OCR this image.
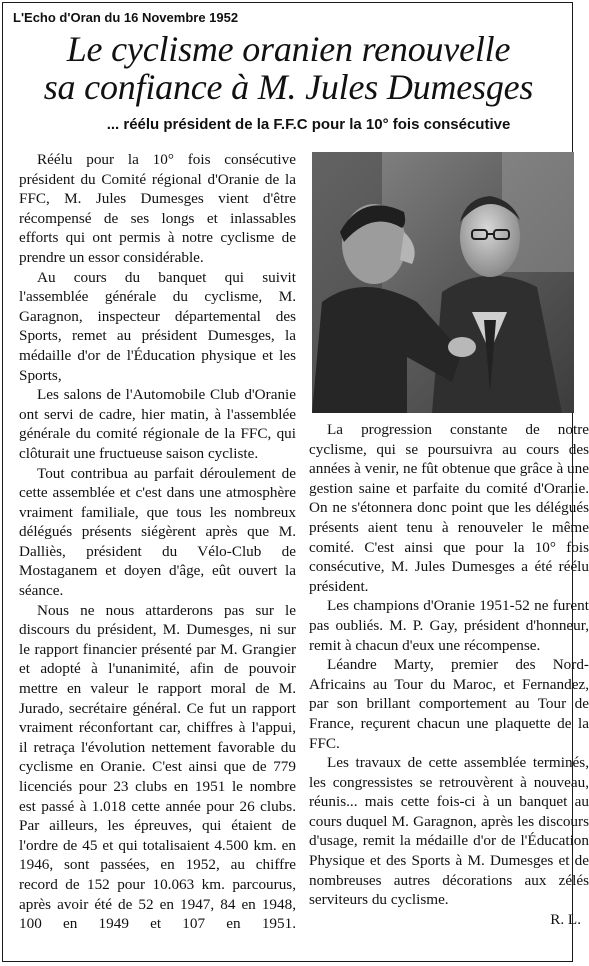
L'Echo d'Oran du 16 Novembre 1952
Le cyclisme oranien renouvelle
sa confiance à M. Jules Dumesges
... réélu président de la F.F.C pour la 10° fois consécutive

Réélu pour la 10° fois consécutive président du Comité régional d'Oranie de la FFC, M. Jules Dumesges vient d'être récompensé de ses longs et inlassables efforts qui ont permis à notre cyclisme de prendre un essor considérable.

Au cours du banquet qui suivit l'assemblée générale du cyclisme, M. Garagnon, inspecteur départemental des Sports, remet au président Dumesges, la médaille d'or de l'Éducation physique et les Sports,

Les salons de l'Automobile Club d'Oranie ont servi de cadre, hier matin, à l'assemblée générale du comité régionale de la FFC, qui clôturait une fructueuse saison cycliste.

Tout contribua au parfait déroulement de cette assemblée et c'est dans une atmosphère vraiment familiale, que tous les nombreux délégués présents siégèrent après que M. Dalliès, président du Vélo-Club de Mostaganem et doyen d'âge, eût ouvert la séance.

Nous ne nous attarderons pas sur le discours du président, M. Dumesges, ni sur le rapport financier présenté par M. Grangier et adopté à l'unanimité, afin de pouvoir mettre en valeur le rapport moral de M. Jurado, secrétaire général. Ce fut un rapport vraiment réconfortant car, chiffres à l'appui, il retraça l'évolution nettement favorable du cyclisme en Oranie. C'est ainsi que de 779 licenciés pour 23 clubs en 1951 le nombre est passé à 1.018 cette année pour 26 clubs. Par ailleurs, les épreuves, qui étaient de l'ordre de 45 et qui totalisaient 4.500 km. en 1946, sont passées, en 1952, au chiffre record de 152 pour 10.063 km. parcourus, après avoir été de 52 en 1947, 84 en 1948, 100 en 1949 et 107 en 1951.

La progression constante de notre cyclisme, qui se poursuivra au cours des années à venir, ne fût obtenue que grâce à une gestion saine et parfaite du comité d'Oranie. On ne s'étonnera donc point que les délégués présents aient tenu à renouveler le même comité. C'est ainsi que pour la 10° fois consécutive, M. Jules Dumesges a été réélu président.

Les champions d'Oranie 1951-52 ne furent pas oubliés. M. P. Gay, président d'honneur, remit à chacun d'eux une récompense.

Léandre Marty, premier des Nord-Africains au Tour du Maroc, et Fernandez, par son brillant comportement au Tour de France, reçurent chacun une plaquette de la FFC.

Les travaux de cette assemblée terminés, les congressistes se retrouvèrent à nouveau, réunis... mais cette fois-ci à un banquet au cours duquel M. Garagnon, après les discours d'usage, remit la médaille d'or de l'Éducation Physique et des Sports à M. Dumesges et de nombreuses autres décorations aux zélés serviteurs du cyclisme.

R. L.
